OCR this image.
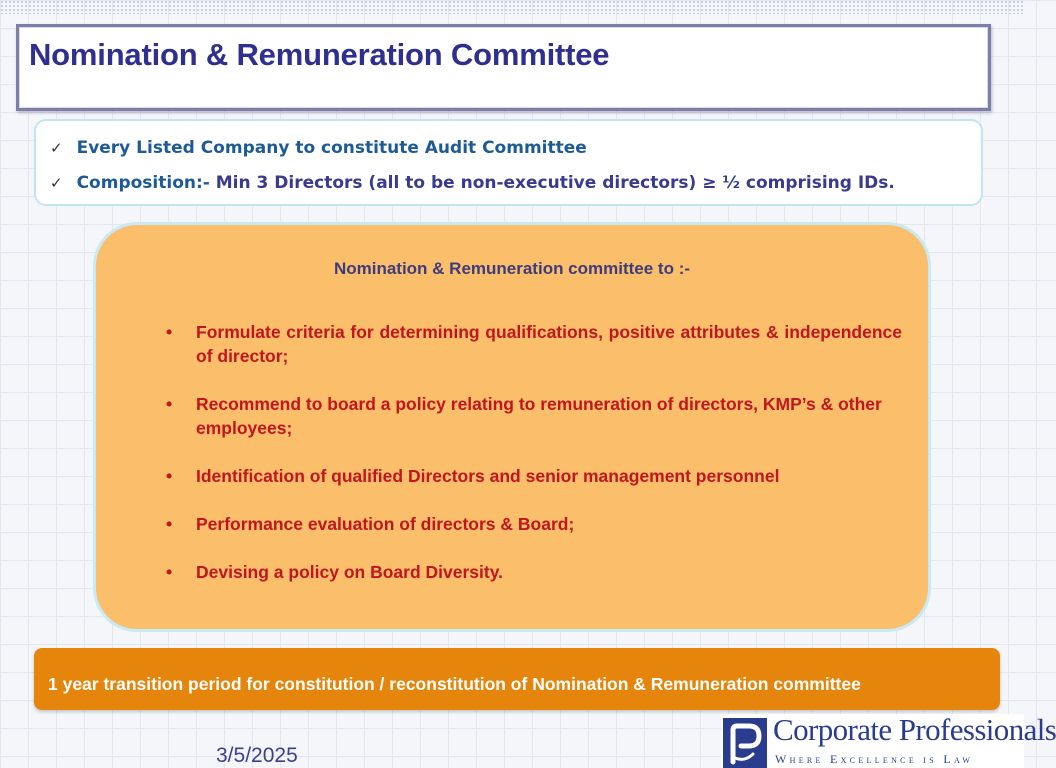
Nomination & Remuneration Committee
✓ Every Listed Company to constitute Audit Committee
✓ Composition:- Min 3 Directors (all to be non-executive directors) ≥ ½ comprising IDs.
Nomination & Remuneration committee to :-
• Formulate criteria for determining qualifications, positive attributes & independence of director;
• Recommend to board a policy relating to remuneration of directors, KMP’s & other employees;
• Identification of qualified Directors and senior management personnel
• Performance evaluation of directors & Board;
• Devising a policy on Board Diversity.
1 year transition period for constitution / reconstitution of Nomination & Remuneration committee
3/5/2025
Corporate Professionals
Where Excellence is Law
